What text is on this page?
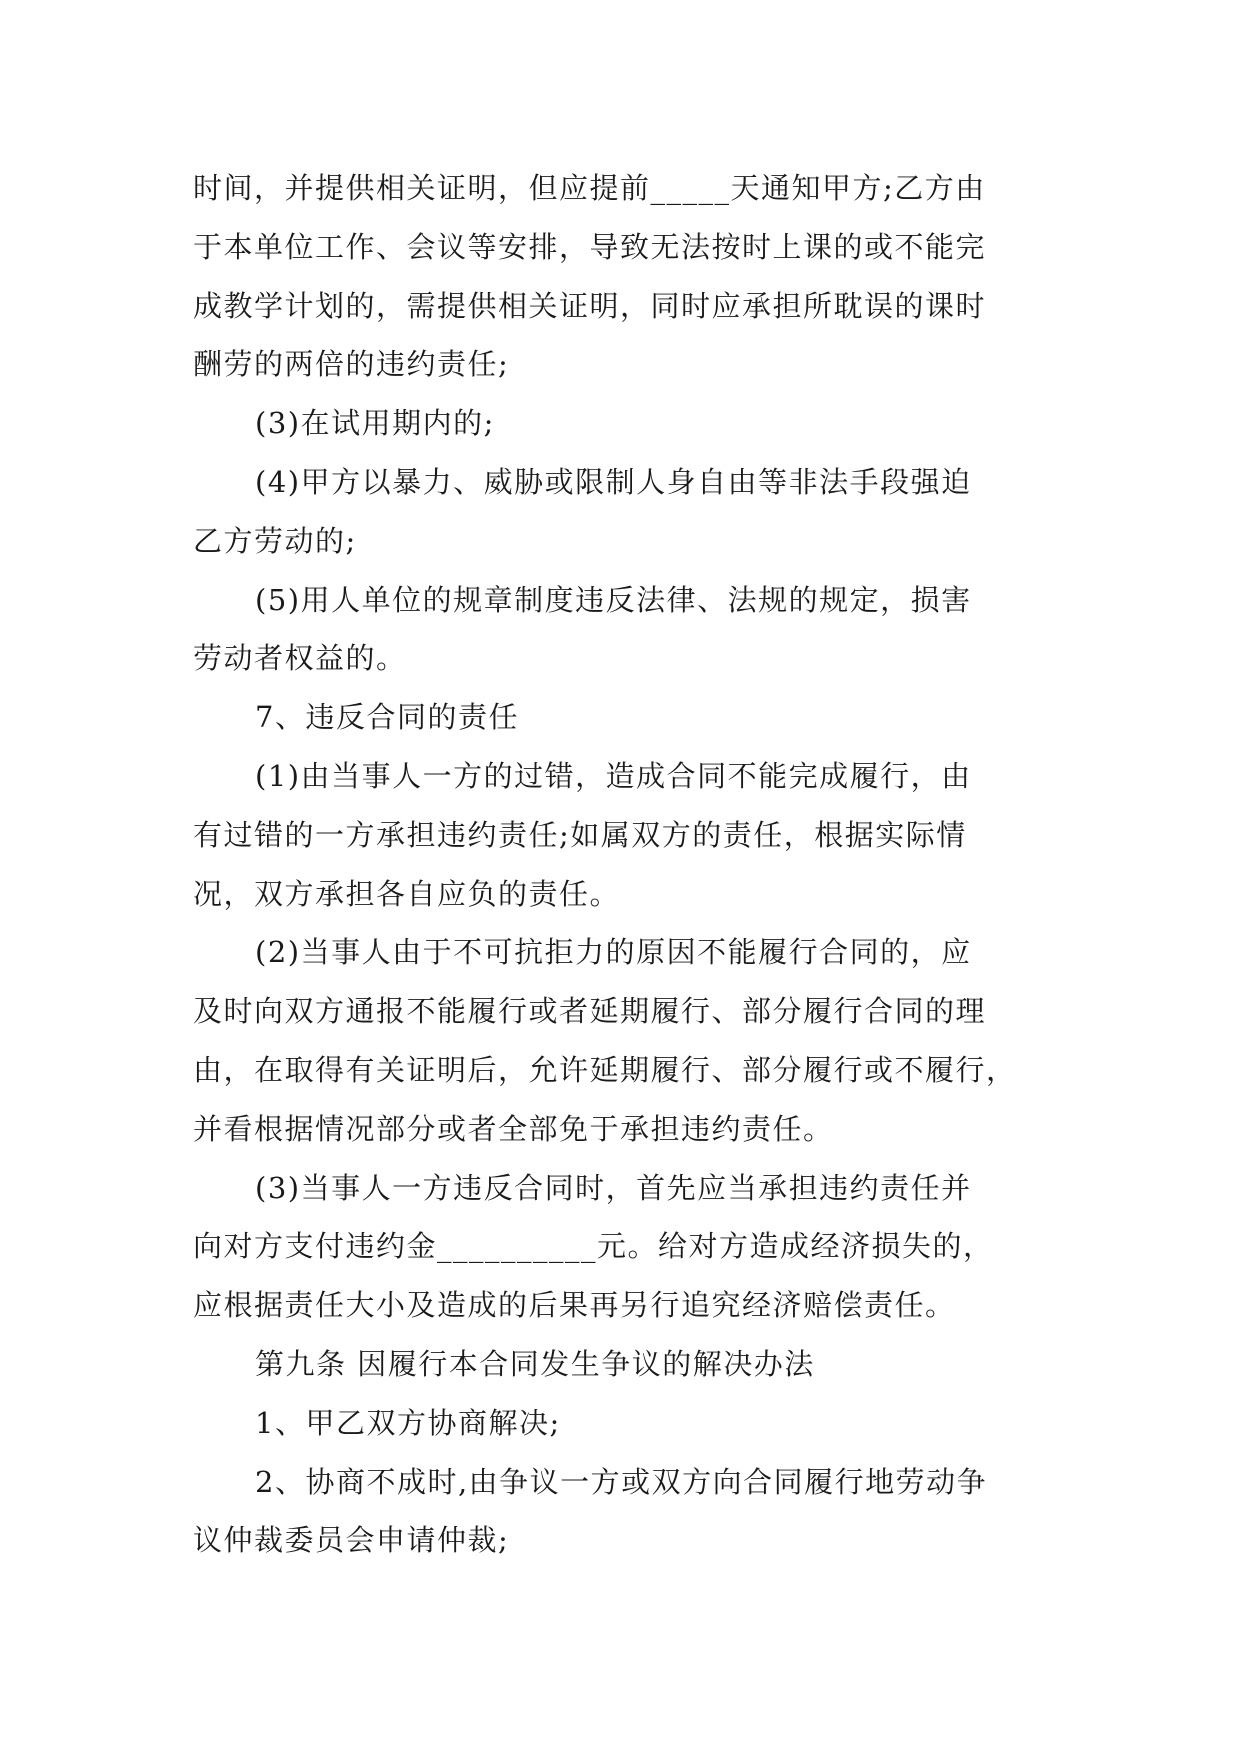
时间，并提供相关证明，但应提前_____天通知甲方;乙方由
于本单位工作、会议等安排，导致无法按时上课的或不能完
成教学计划的，需提供相关证明，同时应承担所耽误的课时
酬劳的两倍的违约责任;
(3)在试用期内的;
(4)甲方以暴力、威胁或限制人身自由等非法手段强迫
乙方劳动的;
(5)用人单位的规章制度违反法律、法规的规定，损害
劳动者权益的。
7、违反合同的责任
(1)由当事人一方的过错，造成合同不能完成履行，由
有过错的一方承担违约责任;如属双方的责任，根据实际情
况，双方承担各自应负的责任。
(2)当事人由于不可抗拒力的原因不能履行合同的，应
及时向双方通报不能履行或者延期履行、部分履行合同的理
由，在取得有关证明后，允许延期履行、部分履行或不履行，
并看根据情况部分或者全部免于承担违约责任。
(3)当事人一方违反合同时，首先应当承担违约责任并
向对方支付违约金__________元。给对方造成经济损失的，
应根据责任大小及造成的后果再另行追究经济赔偿责任。
第九条 因履行本合同发生争议的解决办法
1、甲乙双方协商解决;
2、协商不成时,由争议一方或双方向合同履行地劳动争
议仲裁委员会申请仲裁;
